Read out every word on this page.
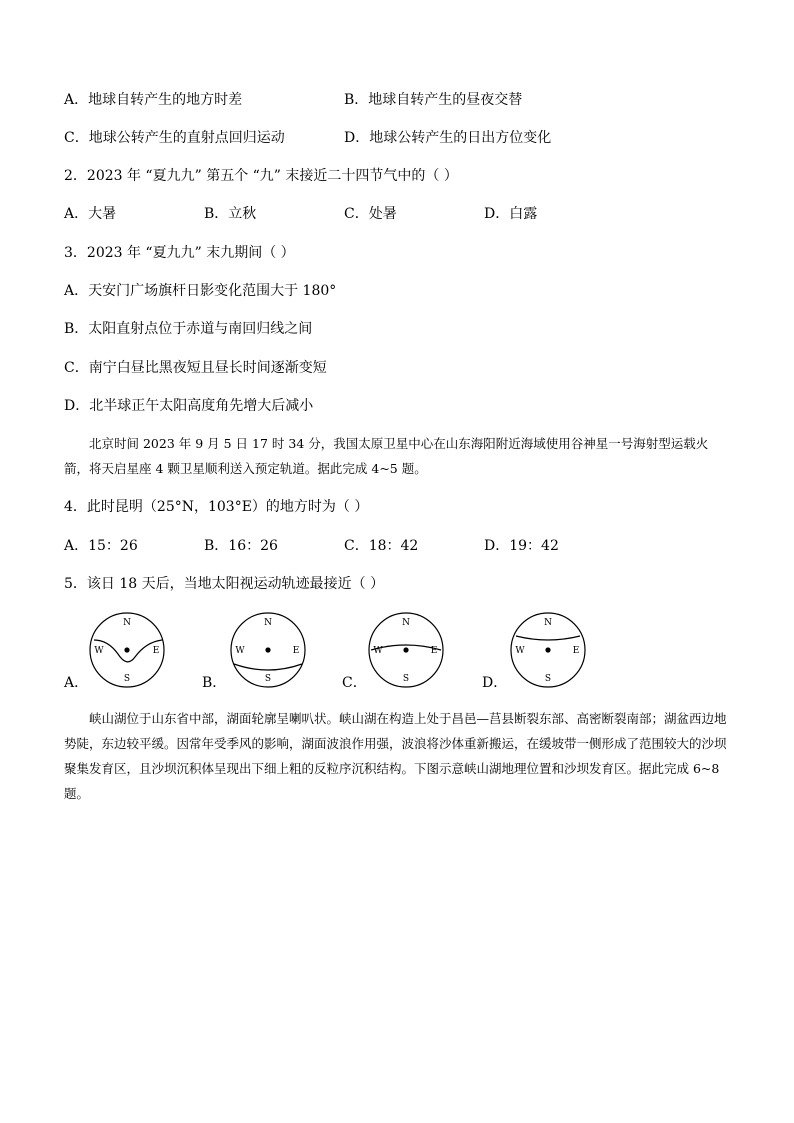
A．地球自转产生的地方时差	B．地球自转产生的昼夜交替
C．地球公转产生的直射点回归运动	D．地球公转产生的日出方位变化
2．2023 年 “夏九九” 第五个 “九” 末接近二十四节气中的（ ）
A．大暑	B．立秋	C．处暑	D．白露
3．2023 年 “夏九九” 末九期间（ ）
A．天安门广场旗杆日影变化范围大于 180°
B．太阳直射点位于赤道与南回归线之间
C．南宁白昼比黑夜短且昼长时间逐渐变短
D．北半球正午太阳高度角先增大后减小

北京时间 2023 年 9 月 5 日 17 时 34 分，我国太原卫星中心在山东海阳附近海域使用谷神星一号海射型运载火箭，将天启星座 4 颗卫星顺利送入预定轨道。据此完成 4~5 题。

4．此时昆明（25°N，103°E）的地方时为（ ）
A．15：26	B．16：26	C．18：42	D．19：42
5．该日 18 天后，当地太阳视运动轨迹最接近（ ）
A．	B．	C．	D．
N
S
W	E
N
S
W	E
N
S
W	E
N
S
W	E

峡山湖位于山东省中部，湖面轮廓呈喇叭状。峡山湖在构造上处于昌邑—莒县断裂东部、高密断裂南部；湖盆西边地势陡，东边较平缓。因常年受季风的影响，湖面波浪作用强，波浪将沙体重新搬运，在缓坡带一侧形成了范围较大的沙坝聚集发育区，且沙坝沉积体呈现出下细上粗的反粒序沉积结构。下图示意峡山湖地理位置和沙坝发育区。据此完成 6~8 题。
